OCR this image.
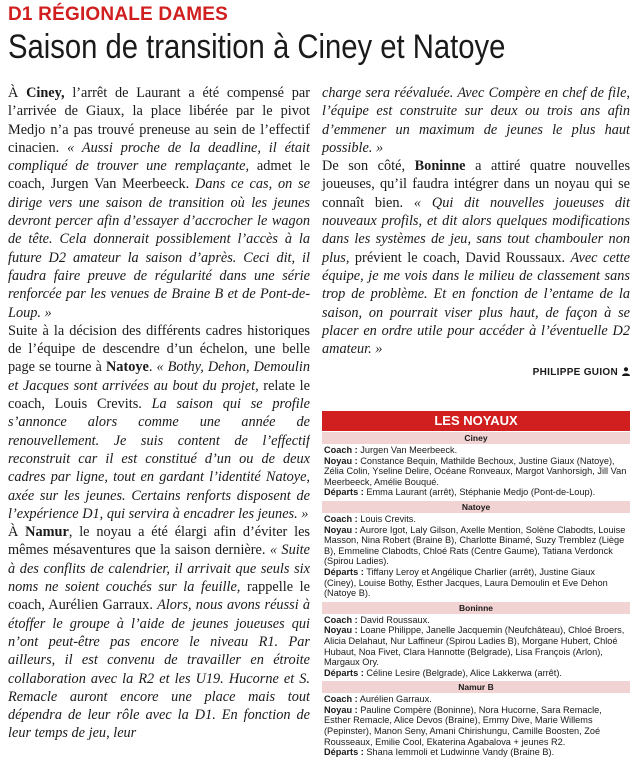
D1 RÉGIONALE DAMES
Saison de transition à Ciney et Natoye

À Ciney, l’arrêt de Laurant a été compensé par l’arrivée de Giaux, la place libérée par le pivot Medjo n’a pas trouvé preneuse au sein de l’effectif cinacien. « Aussi proche de la deadline, il était compliqué de trouver une remplaçante, admet le coach, Jurgen Van Meerbeeck. Dans ce cas, on se dirige vers une saison de transition où les jeunes devront percer afin d’essayer d’accrocher le wagon de tête. Cela donnerait possiblement l’accès à la future D2 amateur la saison d’après. Ceci dit, il faudra faire preuve de régularité dans une série renforcée par les venues de Braine B et de Pont-de-Loup. »

Suite à la décision des différents cadres historiques de l’équipe de descendre d’un échelon, une belle page se tourne à Natoye. « Bothy, Dehon, Demoulin et Jacques sont arrivées au bout du projet, relate le coach, Louis Crevits. La saison qui se profile s’annonce alors comme une année de renouvellement. Je suis content de l’effectif reconstruit car il est constitué d’un ou de deux cadres par ligne, tout en gardant l’identité Natoye, axée sur les jeunes. Certains renforts disposent de l’expérience D1, qui servira à encadrer les jeunes. »

À Namur, le noyau a été élargi afin d’éviter les mêmes mésaventures que la saison dernière. « Suite à des conflits de calendrier, il arrivait que seuls six noms ne soient couchés sur la feuille, rappelle le coach, Aurélien Garraux. Alors, nous avons réussi à étoffer le groupe à l’aide de jeunes joueuses qui n’ont peut-être pas encore le niveau R1. Par ailleurs, il est convenu de travailler en étroite collaboration avec la R2 et les U19. Hucorne et S. Remacle auront encore une place mais tout dépendra de leur rôle avec la D1. En fonction de leur temps de jeu, leur

charge sera réévaluée. Avec Compère en chef de file, l’équipe est construite sur deux ou trois ans afin d’emmener un maximum de jeunes le plus haut possible. »

De son côté, Boninne a attiré quatre nouvelles joueuses, qu’il faudra intégrer dans un noyau qui se connaît bien. « Qui dit nouvelles joueuses dit nouveaux profils, et dit alors quelques modifications dans les systèmes de jeu, sans tout chambouler non plus, prévient le coach, David Roussaux. Avec cette équipe, je me vois dans le milieu de classement sans trop de problème. Et en fonction de l’entame de la saison, on pourrait viser plus haut, de façon à se placer en ordre utile pour accéder à l’éventuelle D2 amateur. »

PHILIPPE GUION
LES NOYAUX
Ciney
Coach : Jurgen Van Meerbeeck.
Noyau : Constance Bequin, Mathilde Bechoux, Justine Giaux (Natoye), Zélia Colin, Yseline Delire, Océane Ronveaux, Margot Vanhorsigh, Jill Van Meerbeeck, Amélie Bouqué.
Départs : Emma Laurant (arrêt), Stéphanie Medjo (Pont-de-Loup).
Natoye
Coach : Louis Crevits.
Noyau : Aurore Igot, Laly Gilson, Axelle Mention, Solène Clabodts, Louise Masson, Nina Robert (Braine B), Charlotte Binamé, Suzy Tremblez (Liège B), Emmeline Clabodts, Chloé Rats (Centre Gaume), Tatiana Verdonck (Spirou Ladies).
Départs : Tiffany Leroy et Angélique Charlier (arrêt), Justine Giaux (Ciney), Louise Bothy, Esther Jacques, Laura Demoulin et Eve Dehon (Natoye B).
Boninne
Coach : David Roussaux.
Noyau : Loane Philippe, Janelle Jacquemin (Neufchâteau), Chloé Broers, Alicia Delahaut, Nur Laffineur (Spirou Ladies B), Morgane Hubert, Chloé Hubaut, Noa Fivet, Clara Hannotte (Belgrade), Lisa François (Arlon), Margaux Ory.
Départs : Céline Lesire (Belgrade), Alice Lakkerwa (arrêt).
Namur B
Coach : Aurélien Garraux.
Noyau : Pauline Compère (Boninne), Nora Hucorne, Sara Remacle, Esther Remacle, Alice Devos (Braine), Emmy Dive, Marie Willems (Pepinster), Manon Seny, Amani Chirishungu, Camille Boosten, Zoé Rousseaux, Emilie Cool, Ekaterina Agabalova + jeunes R2.
Départs : Shana Iemmoli et Ludwinne Vandy (Braine B).
